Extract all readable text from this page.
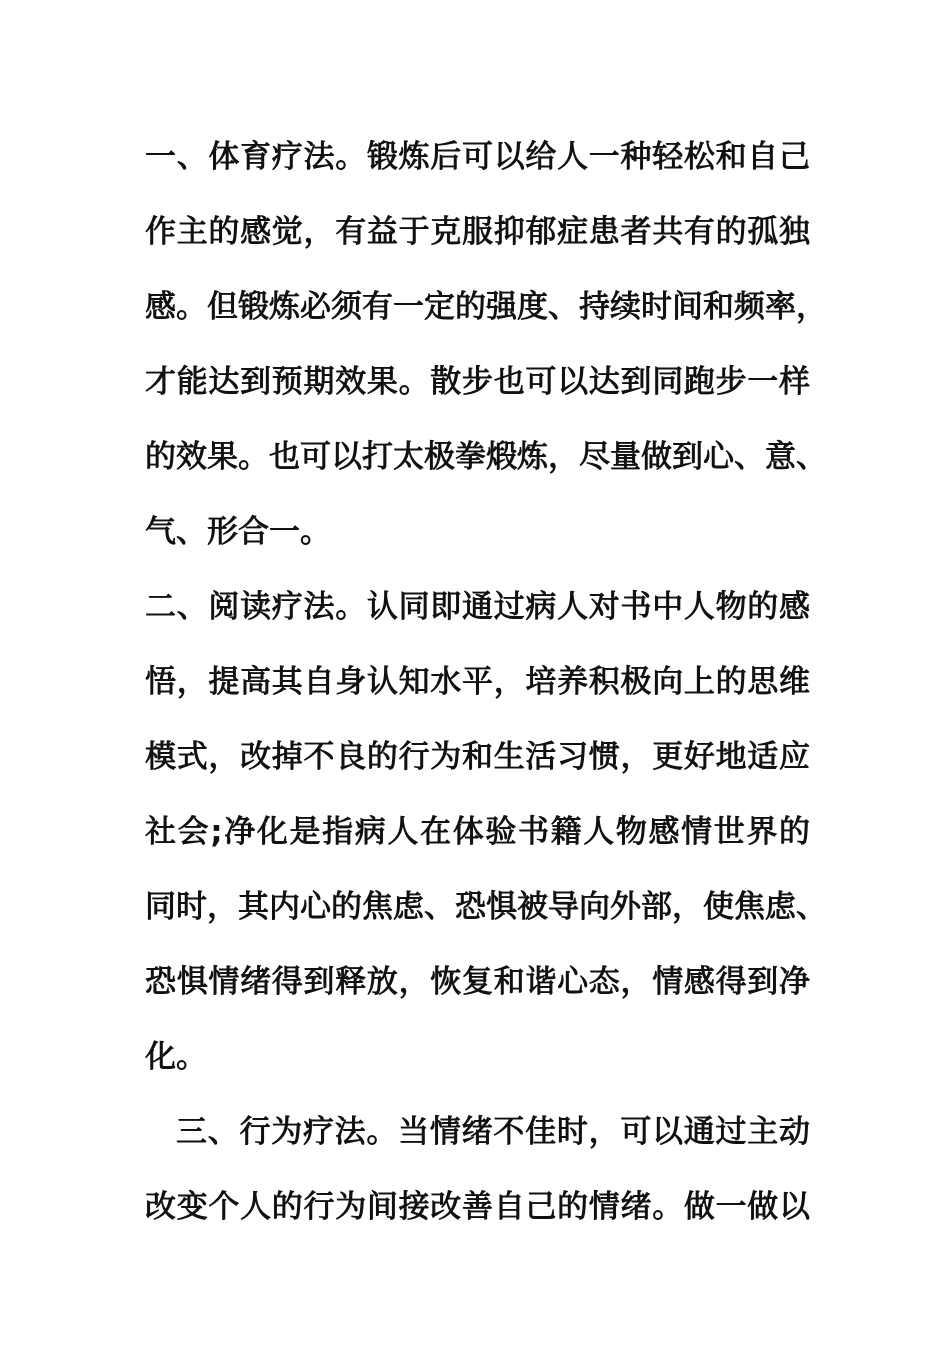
一、体育疗法。锻炼后可以给人一种轻松和自己
作主的感觉，有益于克服抑郁症患者共有的孤独
感。但锻炼必须有一定的强度、持续时间和频率，
才能达到预期效果。散步也可以达到同跑步一样
的效果。也可以打太极拳煅炼，尽量做到心、意、
气、形合一。
二、阅读疗法。认同即通过病人对书中人物的感
悟，提高其自身认知水平，培养积极向上的思维
模式，改掉不良的行为和生活习惯，更好地适应
社会;净化是指病人在体验书籍人物感情世界的
同时，其内心的焦虑、恐惧被导向外部，使焦虑、
恐惧情绪得到释放，恢复和谐心态，情感得到净
化。
三、行为疗法。当情绪不佳时，可以通过主动
改变个人的行为间接改善自己的情绪。做一做以
